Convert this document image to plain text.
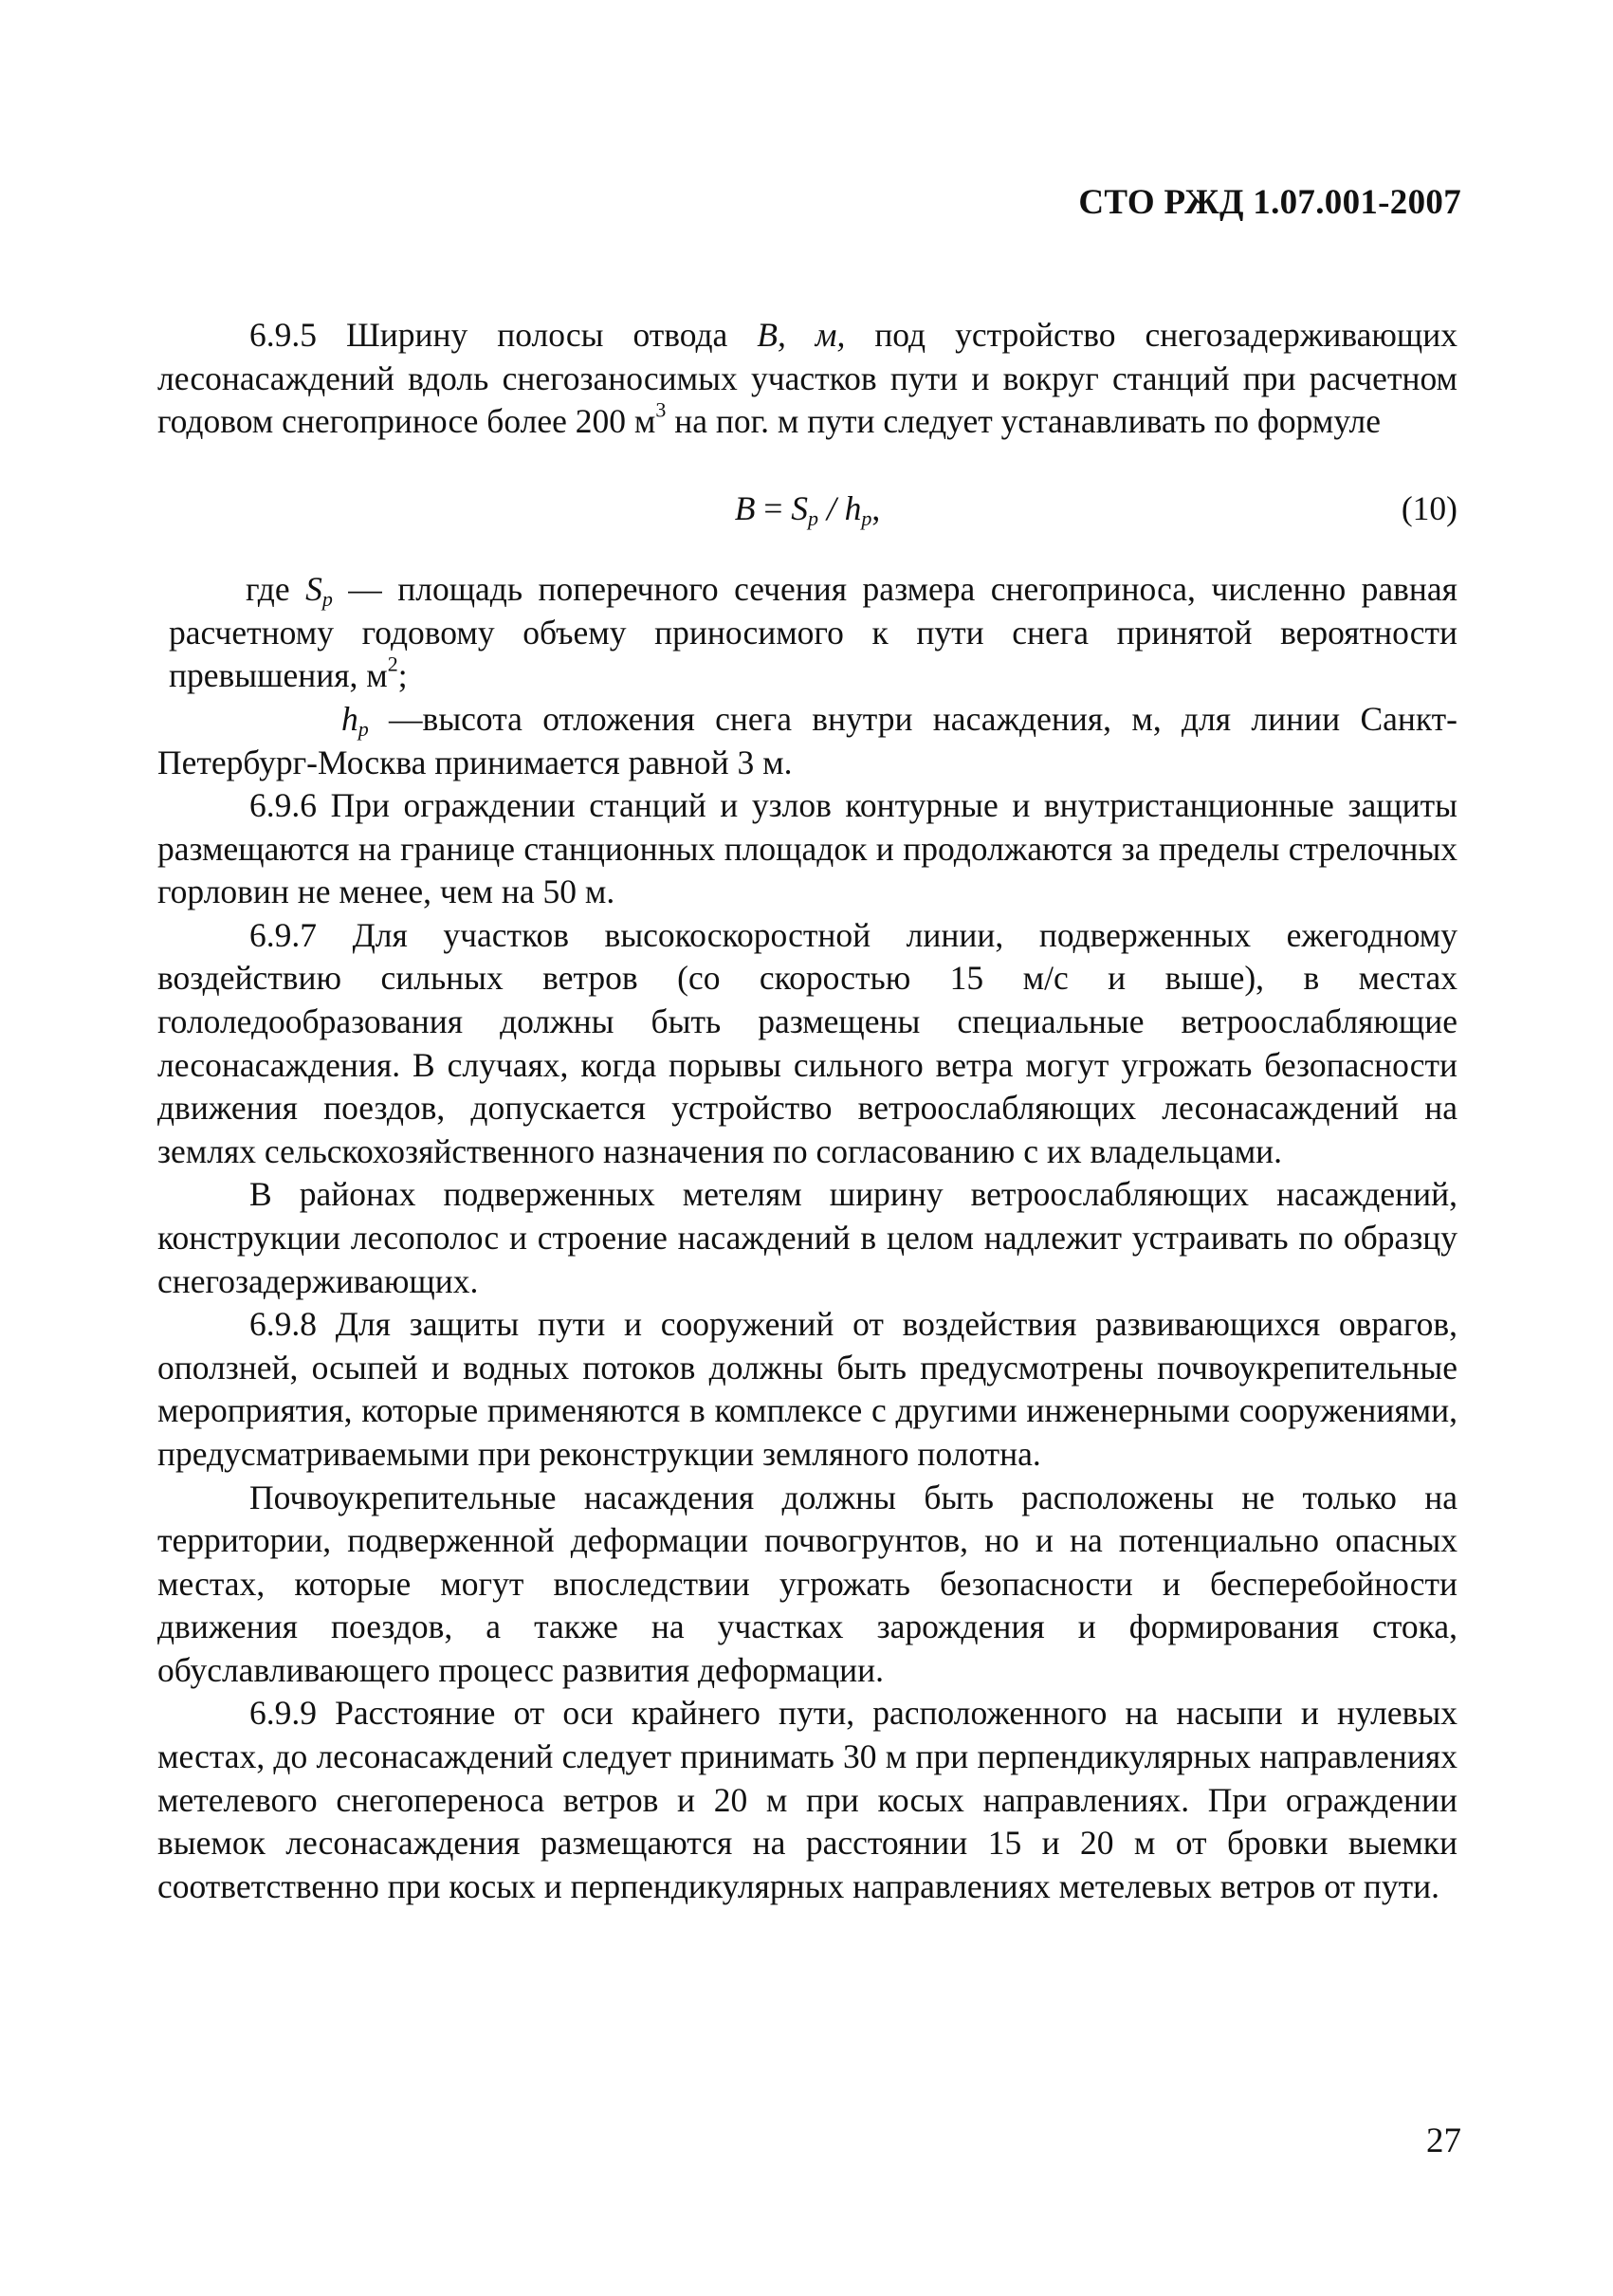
СТО РЖД 1.07.001-2007

6.9.5 Ширину полосы отвода В, м, под устройство снегозадерживающих лесонасаждений вдоль снегозаносимых участков пути и вокруг станций при расчетном годовом снегоприносе более 200 $м^3$ на пог. м пути следует устанавливать по формуле

$B = S_p / h_p$,	(10)

где $S_p$ — площадь поперечного сечения размера снегоприноса, численно равная расчетному годовому объему приносимого к пути снега принятой вероятности превышения, $м^2$;

$h_p$ —высота отложения снега внутри насаждения, м, для линии Санкт-Петербург-Москва принимается равной 3 м.

6.9.6 При ограждении станций и узлов контурные и внутристанционные защиты размещаются на границе станционных площадок и продолжаются за пределы стрелочных горловин не менее, чем на 50 м.

6.9.7 Для участков высокоскоростной линии, подверженных ежегодному воздействию сильных ветров (со скоростью 15 м/с и выше), в местах гололедообразования должны быть размещены специальные ветроослабляющие лесонасаждения. В случаях, когда порывы сильного ветра могут угрожать безопасности движения поездов, допускается устройство ветроослабляющих лесонасаждений на землях сельскохозяйственного назначения по согласованию с их владельцами.

В районах подверженных метелям ширину ветроослабляющих насаждений, конструкции лесополос и строение насаждений в целом надлежит устраивать по образцу снегозадерживающих.

6.9.8 Для защиты пути и сооружений от воздействия развивающихся оврагов, оползней, осыпей и водных потоков должны быть предусмотрены почвоукрепительные мероприятия, которые применяются в комплексе с другими инженерными сооружениями, предусматриваемыми при реконструкции земляного полотна.

Почвоукрепительные насаждения должны быть расположены не только на территории, подверженной деформации почвогрунтов, но и на потенциально опасных местах, которые могут впоследствии угрожать безопасности и бесперебойности движения поездов, а также на участках зарождения и формирования стока, обуславливающего процесс развития деформации.

6.9.9 Расстояние от оси крайнего пути, расположенного на насыпи и нулевых местах, до лесонасаждений следует принимать 30 м при перпендикулярных направлениях метелевого снегопереноса ветров и 20 м при косых направлениях. При ограждении выемок лесонасаждения размещаются на расстоянии 15 и 20 м от бровки выемки соответственно при косых и перпендикулярных направлениях метелевых ветров от пути.

27
